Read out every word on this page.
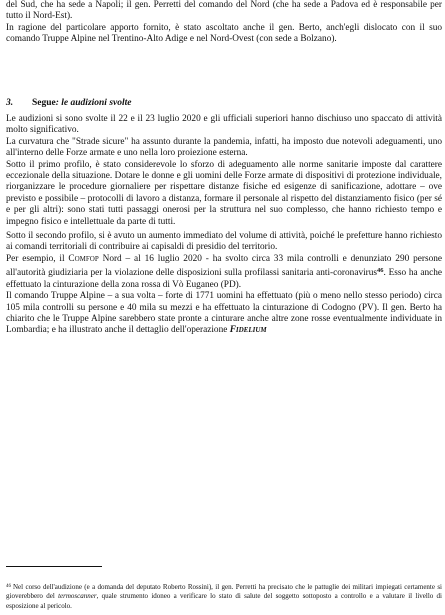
del Sud, che ha sede a Napoli; il gen. Perretti del comando del Nord (che ha sede a Padova ed è responsabile per tutto il Nord-Est).

In ragione del particolare apporto fornito, è stato ascoltato anche il gen. Berto, anch'egli dislocato con il suo comando Truppe Alpine nel Trentino-Alto Adige e nel Nord-Ovest (con sede a Bolzano).

3. Segue: le audizioni svolte

Le audizioni si sono svolte il 22 e il 23 luglio 2020 e gli ufficiali superiori hanno dischiuso uno spaccato di attività molto significativo.

La curvatura che "Strade sicure" ha assunto durante la pandemia, infatti, ha imposto due notevoli adeguamenti, uno all'interno delle Forze armate e uno nella loro proiezione esterna.

Sotto il primo profilo, è stato considerevole lo sforzo di adeguamento alle norme sanitarie imposte dal carattere eccezionale della situazione. Dotare le donne e gli uomini delle Forze armate di dispositivi di protezione individuale, riorganizzare le procedure giornaliere per rispettare distanze fisiche ed esigenze di sanificazione, adottare – ove previsto e possibile – protocolli di lavoro a distanza, formare il personale al rispetto del distanziamento fisico (per sé e per gli altri): sono stati tutti passaggi onerosi per la struttura nel suo complesso, che hanno richiesto tempo e impegno fisico e intellettuale da parte di tutti.

Sotto il secondo profilo, si è avuto un aumento immediato del volume di attività, poiché le prefetture hanno richiesto ai comandi territoriali di contribuire ai capisaldi di presidio del territorio.

Per esempio, il Comfop Nord – al 16 luglio 2020 - ha svolto circa 33 mila controlli e denunziato 290 persone all'autorità giudiziaria per la violazione delle disposizioni sulla profilassi sanitaria anti-coronavirus$^{46}$. Esso ha anche effettuato la cinturazione della zona rossa di Vò Euganeo (PD).

Il comando Truppe Alpine – a sua volta – forte di 1771 uomini ha effettuato (più o meno nello stesso periodo) circa 105 mila controlli su persone e 40 mila su mezzi e ha effettuato la cinturazione di Codogno (PV). Il gen. Berto ha chiarito che le Truppe Alpine sarebbero state pronte a cinturare anche altre zone rosse eventualmente individuate in Lombardia; e ha illustrato anche il dettaglio dell'operazione Fidelium

$^{46}$ Nel corso dell'audizione (e a domanda del deputato Roberto Rossini), il gen. Perretti ha precisato che le pattuglie dei militari impiegati certamente si gioverebbero del termoscanner, quale strumento idoneo a verificare lo stato di salute del soggetto sottoposto a controllo e a valutare il livello di esposizione al pericolo.
